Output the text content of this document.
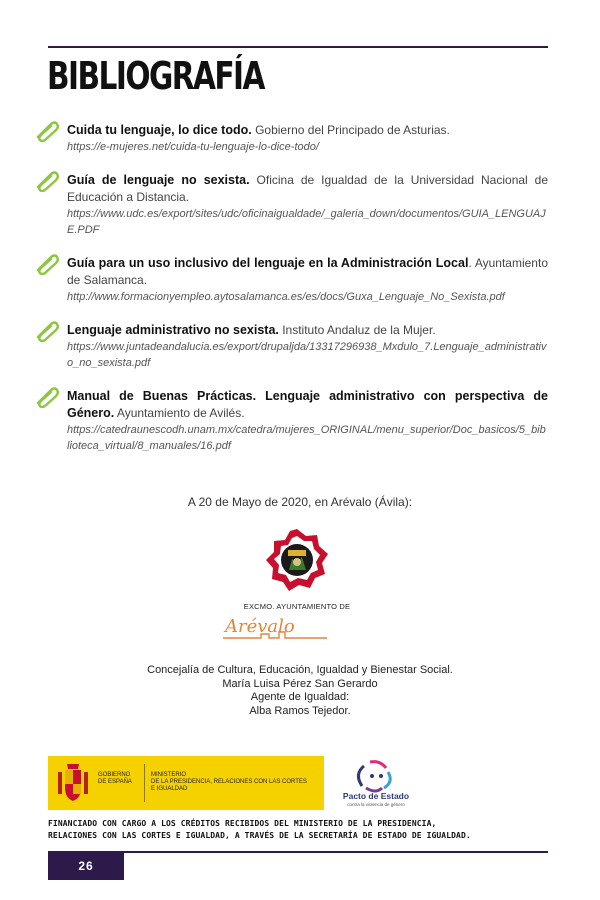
BIBLIOGRAFÍA

Cuida tu lenguaje, lo dice todo. Gobierno del Principado de Asturias.
https://e-mujeres.net/cuida-tu-lenguaje-lo-dice-todo/

Guía de lenguaje no sexista. Oficina de Igualdad de la Universidad Nacional de Educación a Distancia.
https://www.udc.es/export/sites/udc/oficinaigualdade/_galeria_down/documentos/GUIA_LENGUAJE.PDF

Guía para un uso inclusivo del lenguaje en la Administración Local. Ayuntamiento de Salamanca.
http://www.formacionyempleo.aytosalamanca.es/es/docs/Guxa_Lenguaje_No_Sexista.pdf

Lenguaje administrativo no sexista. Instituto Andaluz de la Mujer.
https://www.juntadeandalucia.es/export/drupaljda/13317296938_Mxdulo_7.Lenguaje_administrativo_no_sexista.pdf

Manual de Buenas Prácticas. Lenguaje administrativo con perspectiva de Género. Ayuntamiento de Avilés.
https://catedraunescodh.unam.mx/catedra/mujeres_ORIGINAL/menu_superior/Doc_basicos/5_biblioteca_virtual/8_manuales/16.pdf

A 20 de Mayo de 2020, en Arévalo (Ávila):
EXCMO. AYUNTAMIENTO DE
Arévalo
Concejalía de Cultura, Educación, Igualdad y Bienestar Social.
María Luisa Pérez San Gerardo
Agente de Igualdad:
Alba Ramos Tejedor.
GOBIERNO DE ESPAÑA
MINISTERIO
DE LA PRESIDENCIA, RELACIONES CON LAS CORTES
E IGUALDAD
Pacto de Estado
contra la violencia de género
FINANCIADO CON CARGO A LOS CRÉDITOS RECIBIDOS DEL MINISTERIO DE LA PRESIDENCIA,
RELACIONES CON LAS CORTES E IGUALDAD, A TRAVÉS DE LA SECRETARÍA DE ESTADO DE IGUALDAD.
26
